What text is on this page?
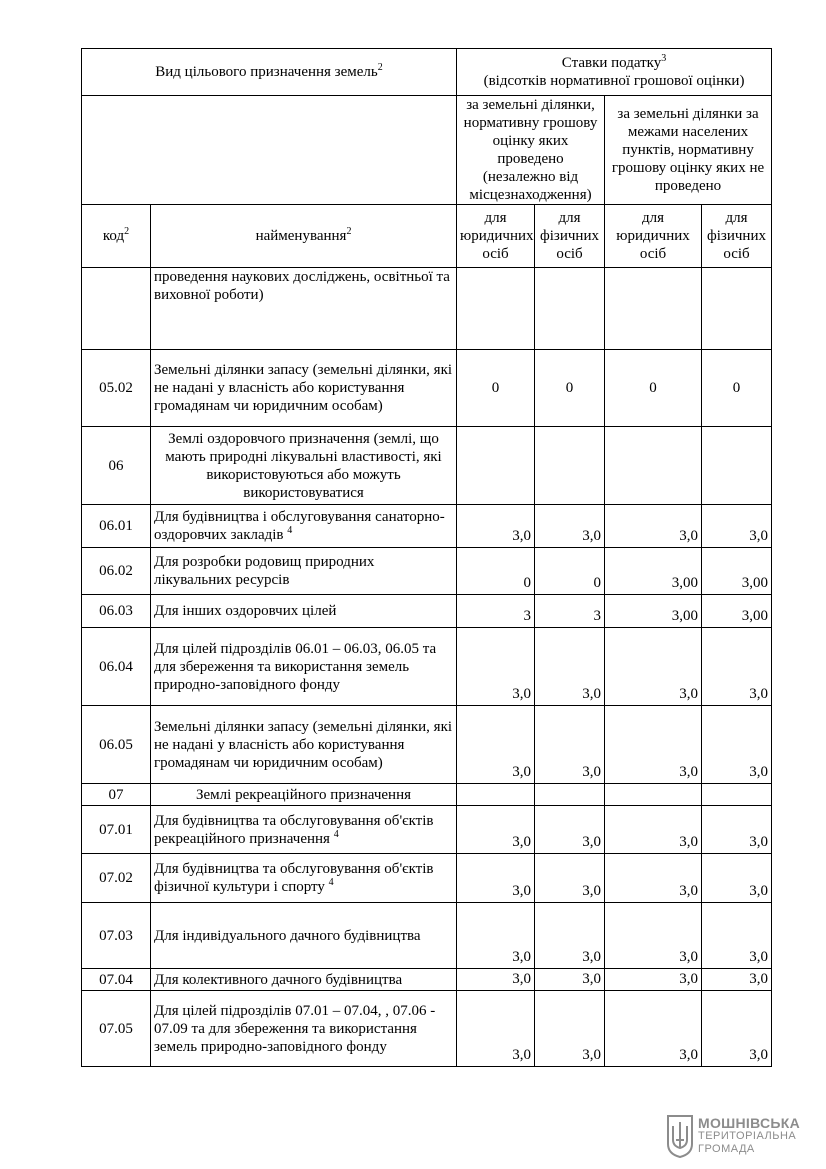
Вид цільового призначення земель$^2$		Ставки податку$^3$
(відсотків нормативної грошової оцінки)			
		за земельні ділянки, нормативну грошову оцінку яких проведено (незалежно від місцезнаходження)		за земельні ділянки за межами населених пунктів, нормативну грошову оцінку яких не проведено	
код$^2$	найменування$^2$	для юридичних осіб	для фізичних осіб	для юридичних осіб	для фізичних осіб
	проведення наукових досліджень, освітньої та виховної роботи)				
05.02	Земельні ділянки запасу (земельні ділянки, які не надані у власність або користування громадянам чи юридичним особам)	0	0	0	0
06	Землі оздоровчого призначення (землі, що мають природні лікувальні властивості, які використовуються або можуть використовуватися				
06.01	Для будівництва і обслуговування санаторно-оздоровчих закладів $^4$	3,0	3,0	3,0	3,0
06.02	Для розробки родовищ природних лікувальних ресурсів	0	0	3,00	3,00
06.03	Для інших оздоровчих цілей	3	3	3,00	3,00
06.04	Для цілей підрозділів 06.01 – 06.03, 06.05 та для збереження та використання земель природно-заповідного фонду	3,0	3,0	3,0	3,0
06.05	Земельні ділянки запасу (земельні ділянки, які не надані у власність або користування громадянам чи юридичним особам)	3,0	3,0	3,0	3,0
07	Землі рекреаційного призначення				
07.01	Для будівництва та обслуговування об'єктів рекреаційного призначення $^4$	3,0	3,0	3,0	3,0
07.02	Для будівництва та обслуговування об'єктів фізичної культури і спорту $^4$	3,0	3,0	3,0	3,0
07.03	Для індивідуального дачного будівництва	3,0	3,0	3,0	3,0
07.04	Для колективного дачного будівництва	3,0	3,0	3,0	3,0
07.05	Для цілей підрозділів 07.01 – 07.04, , 07.06 - 07.09 та для збереження та використання земель природно-заповідного фонду	3,0	3,0	3,0	3,0
МОШНІВСЬКА
ТЕРИТОРІАЛЬНА
ГРОМАДА
